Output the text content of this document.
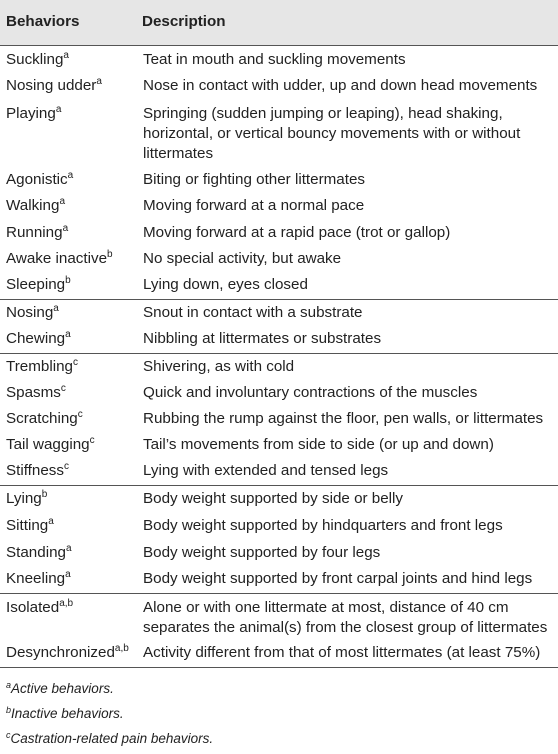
Behaviors	Description
Suckling$^a$	Teat in mouth and suckling movements
Nosing udder$^a$	Nose in contact with udder, up and down head movements
Playing$^a$	Springing (sudden jumping or leaping), head shaking, horizontal, or vertical bouncy movements with or without littermates
Agonistic$^a$	Biting or fighting other littermates
Walking$^a$	Moving forward at a normal pace
Running$^a$	Moving forward at a rapid pace (trot or gallop)
Awake inactive$^b$	No special activity, but awake
Sleeping$^b$	Lying down, eyes closed
Nosing$^a$	Snout in contact with a substrate
Chewing$^a$	Nibbling at littermates or substrates
Trembling$^c$	Shivering, as with cold
Spasms$^c$	Quick and involuntary contractions of the muscles
Scratching$^c$	Rubbing the rump against the floor, pen walls, or littermates
Tail wagging$^c$	Tail’s movements from side to side (or up and down)
Stiffness$^c$	Lying with extended and tensed legs
Lying$^b$	Body weight supported by side or belly
Sitting$^a$	Body weight supported by hindquarters and front legs
Standing$^a$	Body weight supported by four legs
Kneeling$^a$	Body weight supported by front carpal joints and hind legs
Isolated$^{a,b}$	Alone or with one littermate at most, distance of 40 cm separates the animal(s) from the closest group of littermates
Desynchronized$^{a,b}$	Activity different from that of most littermates (at least 75%)
$^a$Active behaviors.
$^b$Inactive behaviors.
$^c$Castration-related pain behaviors.
